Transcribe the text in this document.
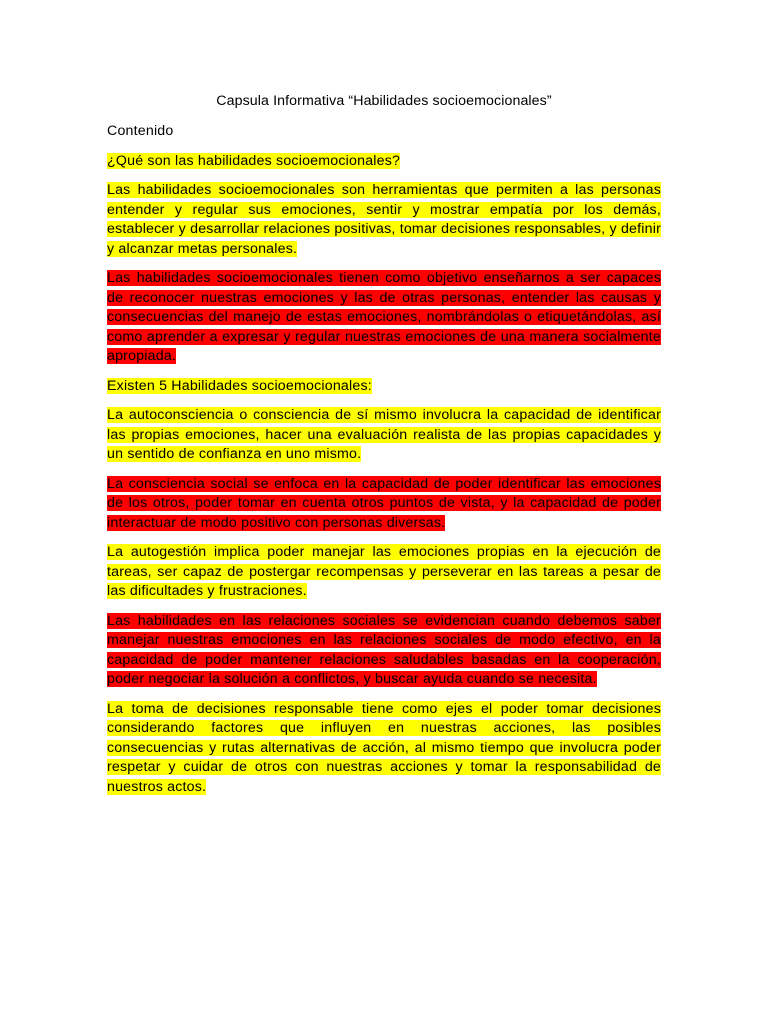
Capsula Informativa “Habilidades socioemocionales”

Contenido

¿Qué son las habilidades socioemocionales?

Las habilidades socioemocionales son herramientas que permiten a las personas entender y regular sus emociones, sentir y mostrar empatía por los demás, establecer y desarrollar relaciones positivas, tomar decisiones responsables, y definir y alcanzar metas personales.

Las habilidades socioemocionales tienen como objetivo enseñarnos a ser capaces de reconocer nuestras emociones y las de otras personas, entender las causas y consecuencias del manejo de estas emociones, nombrándolas o etiquetándolas, así como aprender a expresar y regular nuestras emociones de una manera socialmente apropiada.

Existen 5 Habilidades socioemocionales:

La autoconsciencia o consciencia de sí mismo involucra la capacidad de identificar las propias emociones, hacer una evaluación realista de las propias capacidades y un sentido de confianza en uno mismo.

La consciencia social se enfoca en la capacidad de poder identificar las emociones de los otros, poder tomar en cuenta otros puntos de vista, y la capacidad de poder interactuar de modo positivo con personas diversas.

La autogestión implica poder manejar las emociones propias en la ejecución de tareas, ser capaz de postergar recompensas y perseverar en las tareas a pesar de las dificultades y frustraciones.

Las habilidades en las relaciones sociales se evidencian cuando debemos saber manejar nuestras emociones en las relaciones sociales de modo efectivo, en la capacidad de poder mantener relaciones saludables basadas en la cooperación, poder negociar la solución a conflictos, y buscar ayuda cuando se necesita.

La toma de decisiones responsable tiene como ejes el poder tomar decisiones considerando factores que influyen en nuestras acciones, las posibles consecuencias y rutas alternativas de acción, al mismo tiempo que involucra poder respetar y cuidar de otros con nuestras acciones y tomar la responsabilidad de nuestros actos.
